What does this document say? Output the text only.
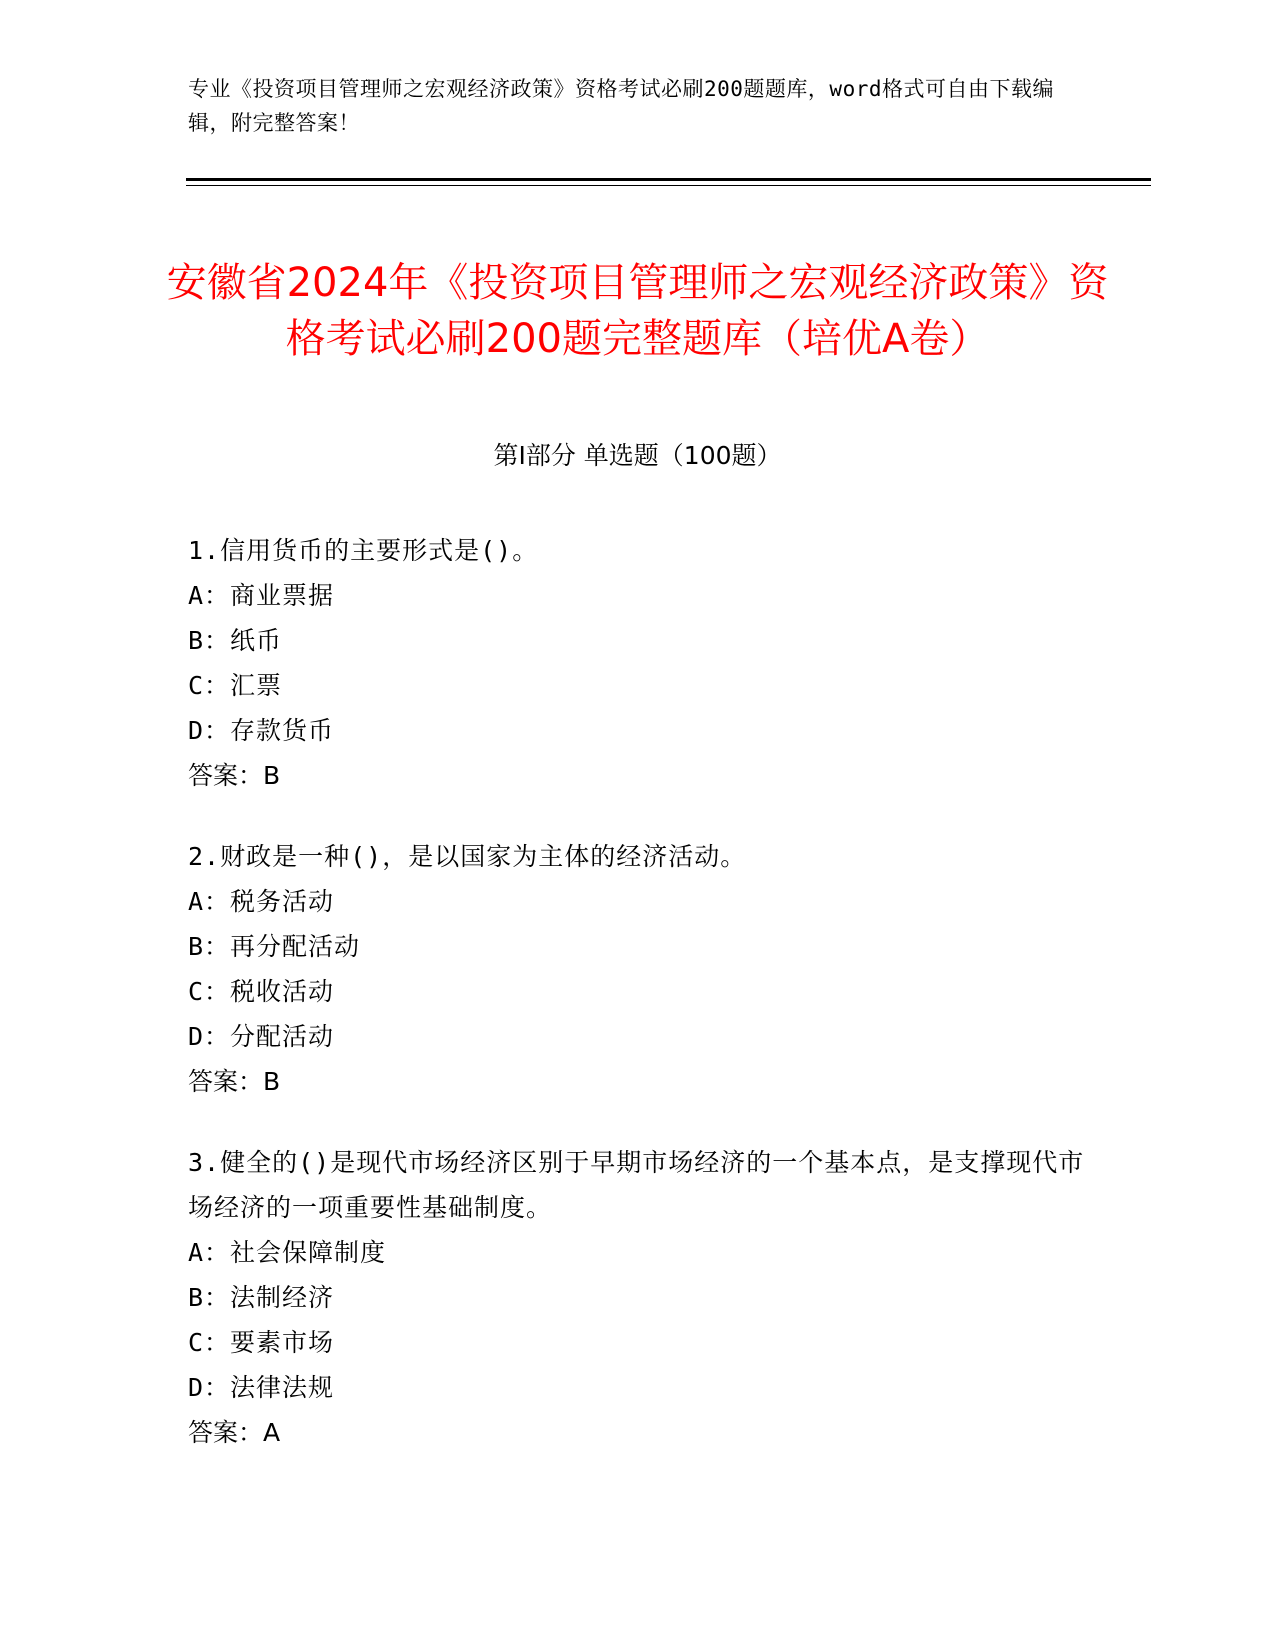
专业《投资项目管理师之宏观经济政策》资格考试必刷200题题库，word格式可自由下载编辑，附完整答案！
安徽省2024年《投资项目管理师之宏观经济政策》资格考试必刷200题完整题库（培优A卷）
第I部分 单选题（100题）
1.信用货币的主要形式是()。
A：商业票据
B：纸币
C：汇票
D：存款货币
答案：B
2.财政是一种()，是以国家为主体的经济活动。
A：税务活动
B：再分配活动
C：税收活动
D：分配活动
答案：B
3.健全的()是现代市场经济区别于早期市场经济的一个基本点，是支撑现代市场经济的一项重要性基础制度。
A：社会保障制度
B：法制经济
C：要素市场
D：法律法规
答案：A
